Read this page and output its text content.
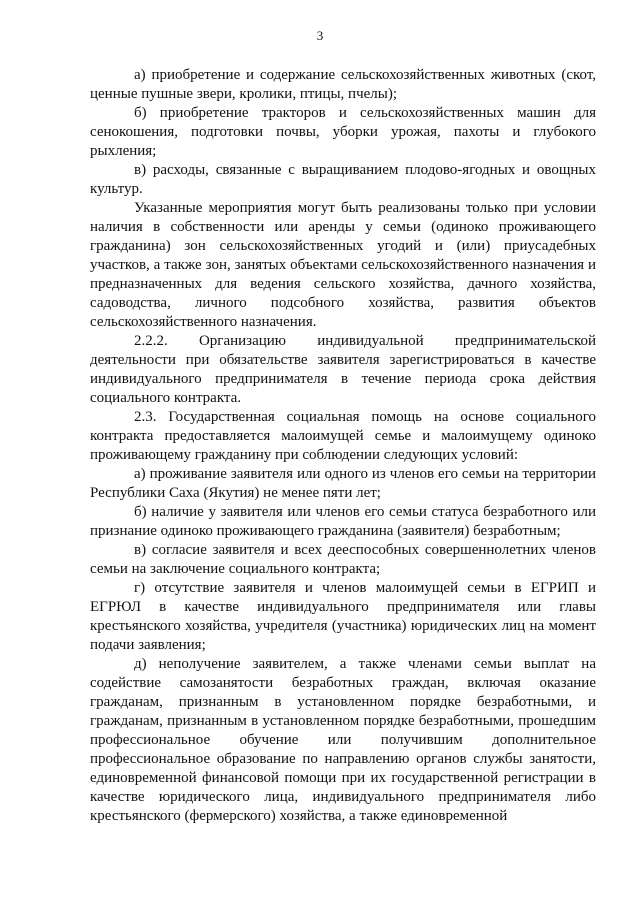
3

а) приобретение и содержание сельскохозяйственных животных (скот, ценные пушные звери, кролики, птицы, пчелы);

б) приобретение тракторов и сельскохозяйственных машин для сенокошения, подготовки почвы, уборки урожая, пахоты и глубокого рыхления;

в) расходы, связанные с выращиванием плодово-ягодных и овощных культур.

Указанные мероприятия могут быть реализованы только при условии наличия в собственности или аренды у семьи (одиноко проживающего гражданина) зон сельскохозяйственных угодий и (или) приусадебных участков, а также зон, занятых объектами сельскохозяйственного назначения и предназначенных для ведения сельского хозяйства, дачного хозяйства, садоводства, личного подсобного хозяйства, развития объектов сельскохозяйственного назначения.

2.2.2. Организацию индивидуальной предпринимательской деятельности при обязательстве заявителя зарегистрироваться в качестве индивидуального предпринимателя в течение периода срока действия социального контракта.

2.3. Государственная социальная помощь на основе социального контракта предоставляется малоимущей семье и малоимущему одиноко проживающему гражданину при соблюдении следующих условий:

а) проживание заявителя или одного из членов его семьи на территории Республики Саха (Якутия) не менее пяти лет;

б) наличие у заявителя или членов его семьи статуса безработного или признание одиноко проживающего гражданина (заявителя) безработным;

в) согласие заявителя и всех дееспособных совершеннолетних членов семьи на заключение социального контракта;

г) отсутствие заявителя и членов малоимущей семьи в ЕГРИП и ЕГРЮЛ в качестве индивидуального предпринимателя или главы крестьянского хозяйства, учредителя (участника) юридических лиц на момент подачи заявления;

д) неполучение заявителем, а также членами семьи выплат на содействие самозанятости безработных граждан, включая оказание гражданам, признанным в установленном порядке безработными, и гражданам, признанным в установленном порядке безработными, прошедшим профессиональное обучение или получившим дополнительное профессиональное образование по направлению органов службы занятости, единовременной финансовой помощи при их государственной регистрации в качестве юридического лица, индивидуального предпринимателя либо крестьянского (фермерского) хозяйства, а также единовременной
